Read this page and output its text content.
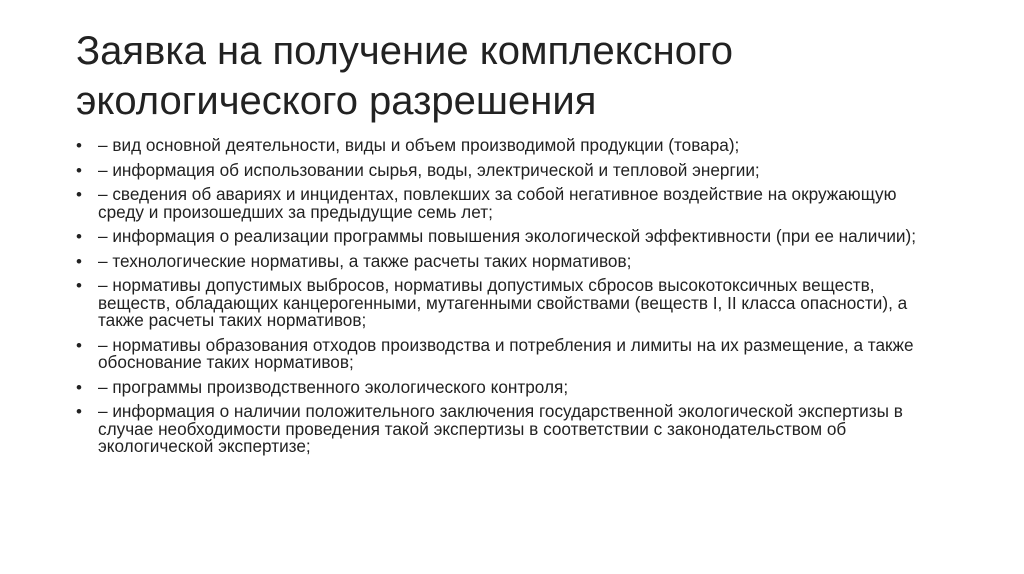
Заявка на получение комплексного
экологического разрешения
• – вид основной деятельности, виды и объем производимой продукции (товара);
• – информация об использовании сырья, воды, электрической и тепловой энергии;
• – сведения об авариях и инцидентах, повлекших за собой негативное воздействие на окружающую среду и произошедших за предыдущие семь лет;
• – информация о реализации программы повышения экологической эффективности (при ее наличии);
• – технологические нормативы, а также расчеты таких нормативов;
• – нормативы допустимых выбросов, нормативы допустимых сбросов высокотоксичных веществ, веществ, обладающих канцерогенными, мутагенными свойствами (веществ I, II класса опасности), а также расчеты таких нормативов;
• – нормативы образования отходов производства и потребления и лимиты на их размещение, а также обоснование таких нормативов;
• – программы производственного экологического контроля;
• – информация о наличии положительного заключения государственной экологической экспертизы в случае необходимости проведения такой экспертизы в соответствии с законодательством об экологической экспертизе;
